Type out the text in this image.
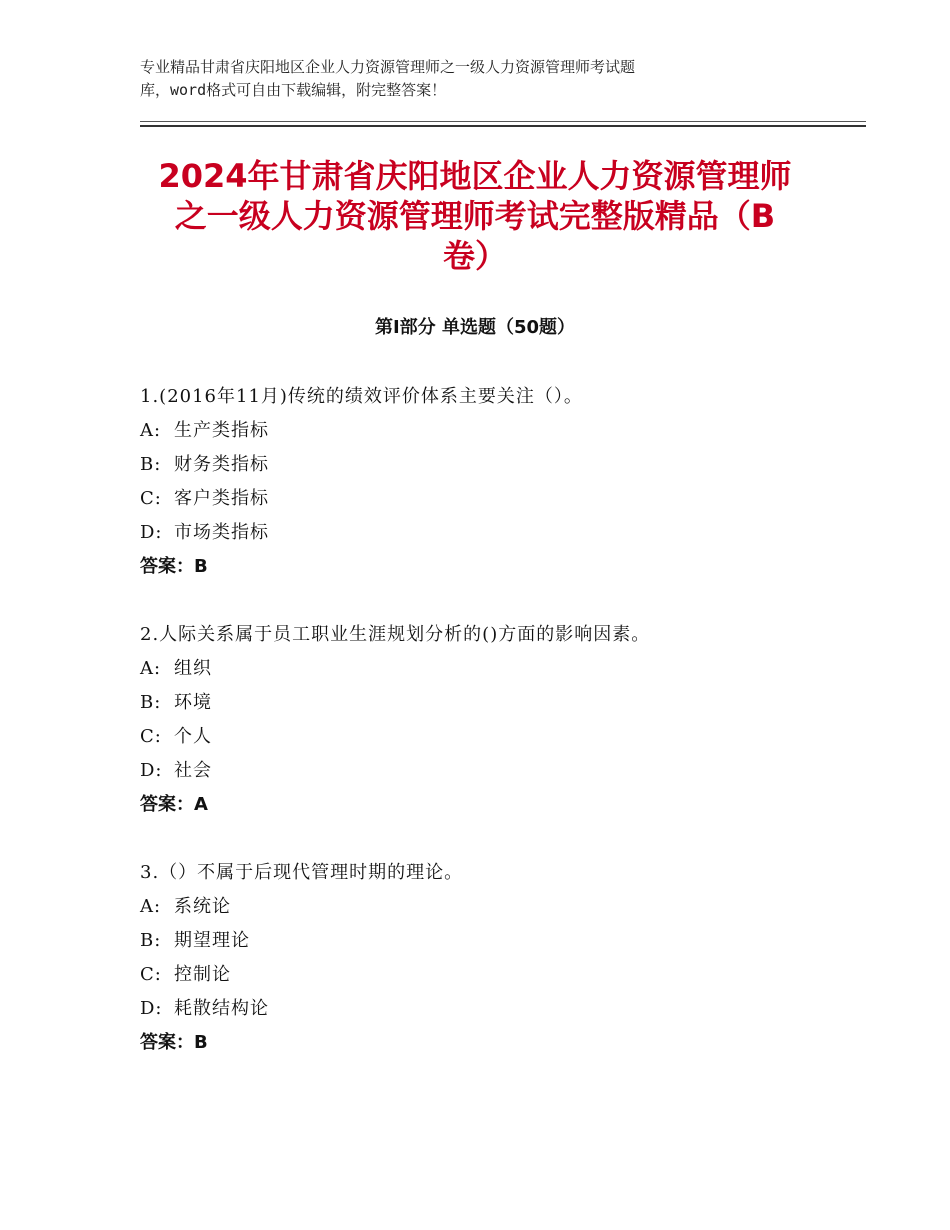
专业精品甘肃省庆阳地区企业人力资源管理师之一级人力资源管理师考试题
库，word格式可自由下载编辑，附完整答案！
2024年甘肃省庆阳地区企业人力资源管理师
之一级人力资源管理师考试完整版精品（B
卷）
第Ⅰ部分 单选题（50题）
1.(2016年11月)传统的绩效评价体系主要关注（）。
A: 生产类指标
B: 财务类指标
C: 客户类指标
D: 市场类指标
答案：B
2.人际关系属于员工职业生涯规划分析的()方面的影响因素。
A: 组织
B: 环境
C: 个人
D: 社会
答案：A
3.（）不属于后现代管理时期的理论。
A: 系统论
B: 期望理论
C: 控制论
D: 耗散结构论
答案：B
